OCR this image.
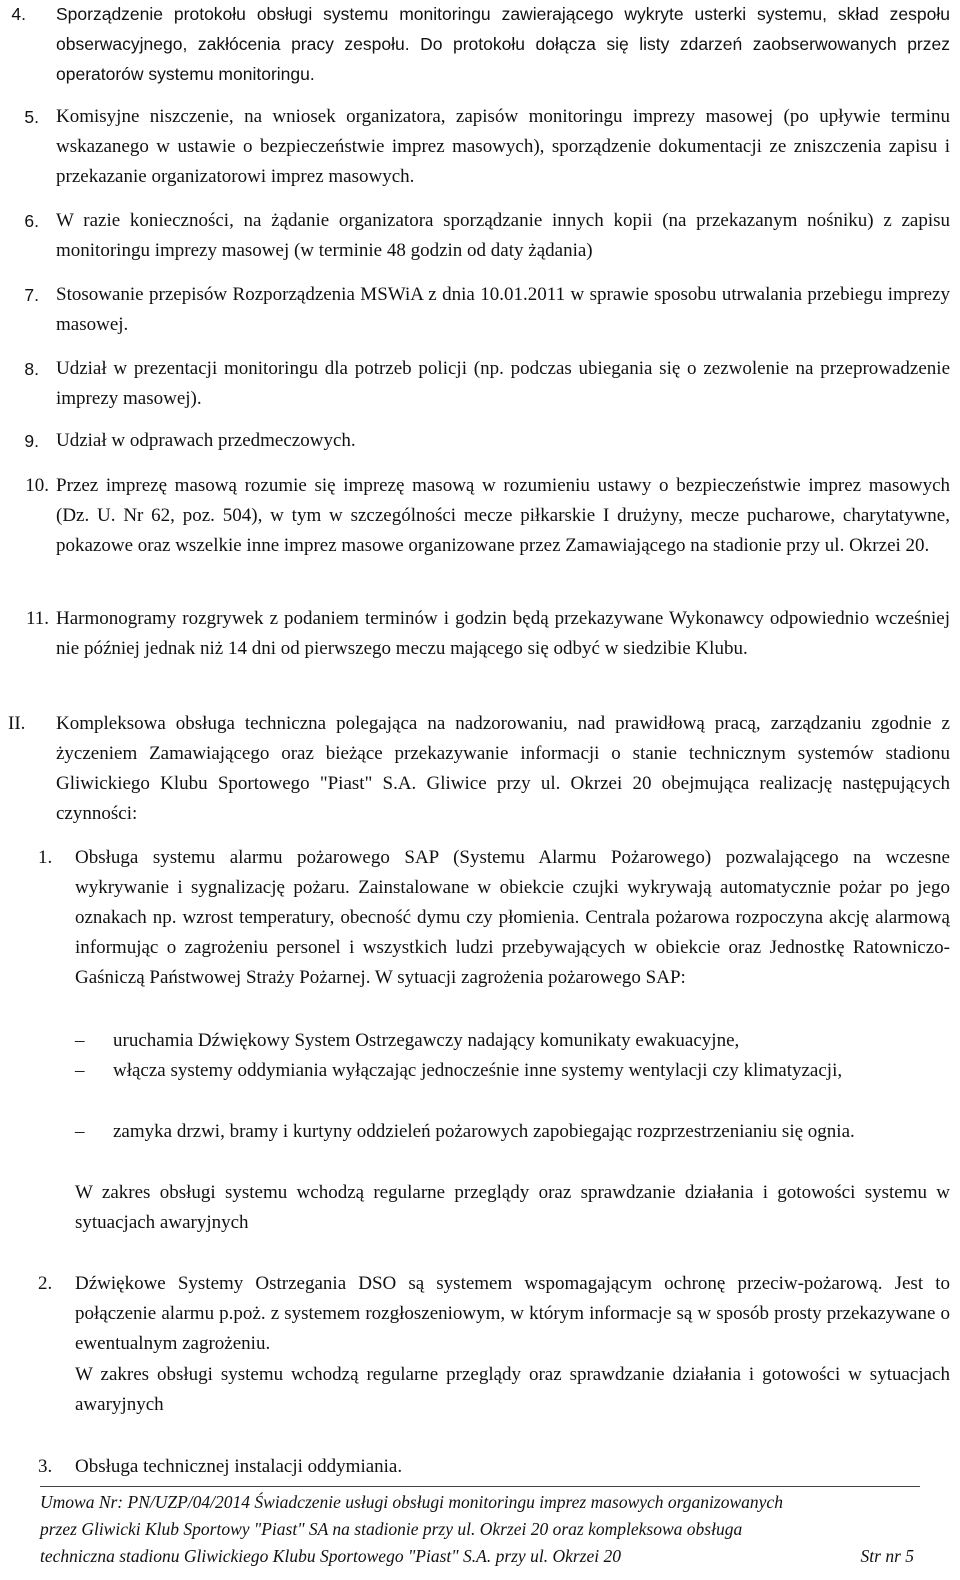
4. Sporządzenie protokołu obsługi systemu monitoringu zawierającego wykryte usterki systemu, skład zespołu obserwacyjnego, zakłócenia pracy zespołu. Do protokołu dołącza się listy zdarzeń zaobserwowanych przez operatorów systemu monitoringu.
5. Komisyjne niszczenie, na wniosek organizatora, zapisów monitoringu imprezy masowej (po upływie terminu wskazanego w ustawie o bezpieczeństwie imprez masowych), sporządzenie dokumentacji ze zniszczenia zapisu i przekazanie organizatorowi imprez masowych.
6. W razie konieczności, na żądanie organizatora sporządzanie innych kopii (na przekazanym nośniku) z zapisu monitoringu imprezy masowej (w terminie 48 godzin od daty żądania)
7. Stosowanie przepisów Rozporządzenia MSWiA z dnia 10.01.2011 w sprawie sposobu utrwalania przebiegu imprezy masowej.
8. Udział w prezentacji monitoringu dla potrzeb policji (np. podczas ubiegania się o zezwolenie na przeprowadzenie imprezy masowej).
9. Udział w odprawach przedmeczowych.
10. Przez imprezę masową rozumie się imprezę masową w rozumieniu ustawy o bezpieczeństwie imprez masowych (Dz. U. Nr 62, poz. 504), w tym w szczególności mecze piłkarskie I drużyny, mecze pucharowe, charytatywne, pokazowe oraz wszelkie inne imprez masowe organizowane przez Zamawiającego na stadionie przy ul. Okrzei 20.
11. Harmonogramy rozgrywek z podaniem terminów i godzin będą przekazywane Wykonawcy odpowiednio wcześniej nie później jednak niż 14 dni od pierwszego meczu mającego się odbyć w siedzibie Klubu.
II.	Kompleksowa obsługa techniczna polegająca na nadzorowaniu, nad prawidłową pracą, zarządzaniu zgodnie z życzeniem Zamawiającego oraz bieżące przekazywanie informacji o stanie technicznym systemów stadionu Gliwickiego Klubu Sportowego "Piast" S.A. Gliwice przy ul. Okrzei 20 obejmująca realizację następujących czynności:
1.	Obsługa systemu alarmu pożarowego SAP (Systemu Alarmu Pożarowego) pozwalającego na wczesne wykrywanie i sygnalizację pożaru. Zainstalowane w obiekcie czujki wykrywają automatycznie pożar po jego oznakach np. wzrost temperatury, obecność dymu czy płomienia. Centrala pożarowa rozpoczyna akcję alarmową informując o zagrożeniu personel i wszystkich ludzi przebywających w obiekcie oraz Jednostkę Ratowniczo-Gaśniczą Państwowej Straży Pożarnej. W sytuacji zagrożenia pożarowego SAP:
–	uruchamia Dźwiękowy System Ostrzegawczy nadający komunikaty ewakuacyjne,
–	włącza systemy oddymiania wyłączając jednocześnie inne systemy wentylacji czy klimatyzacji,
–	zamyka drzwi, bramy i kurtyny oddzieleń pożarowych zapobiegając rozprzestrzenianiu się ognia.
W zakres obsługi systemu wchodzą regularne przeglądy oraz sprawdzanie działania i gotowości systemu w sytuacjach awaryjnych
2.	Dźwiękowe Systemy Ostrzegania DSO są systemem wspomagającym ochronę przeciw-pożarową. Jest to połączenie alarmu p.poż. z systemem rozgłoszeniowym, w którym informacje są w sposób prosty przekazywane o ewentualnym zagrożeniu.
W zakres obsługi systemu wchodzą regularne przeglądy oraz sprawdzanie działania i gotowości w sytuacjach awaryjnych
3.	Obsługa technicznej instalacji oddymiania.
Umowa Nr: PN/UZP/04/2014 Świadczenie usługi obsługi monitoringu imprez masowych organizowanych
przez Gliwicki Klub Sportowy "Piast" SA na stadionie przy ul. Okrzei 20 oraz kompleksowa obsługa
techniczna stadionu Gliwickiego Klubu Sportowego "Piast" S.A. przy ul. Okrzei 20	Str nr 5
